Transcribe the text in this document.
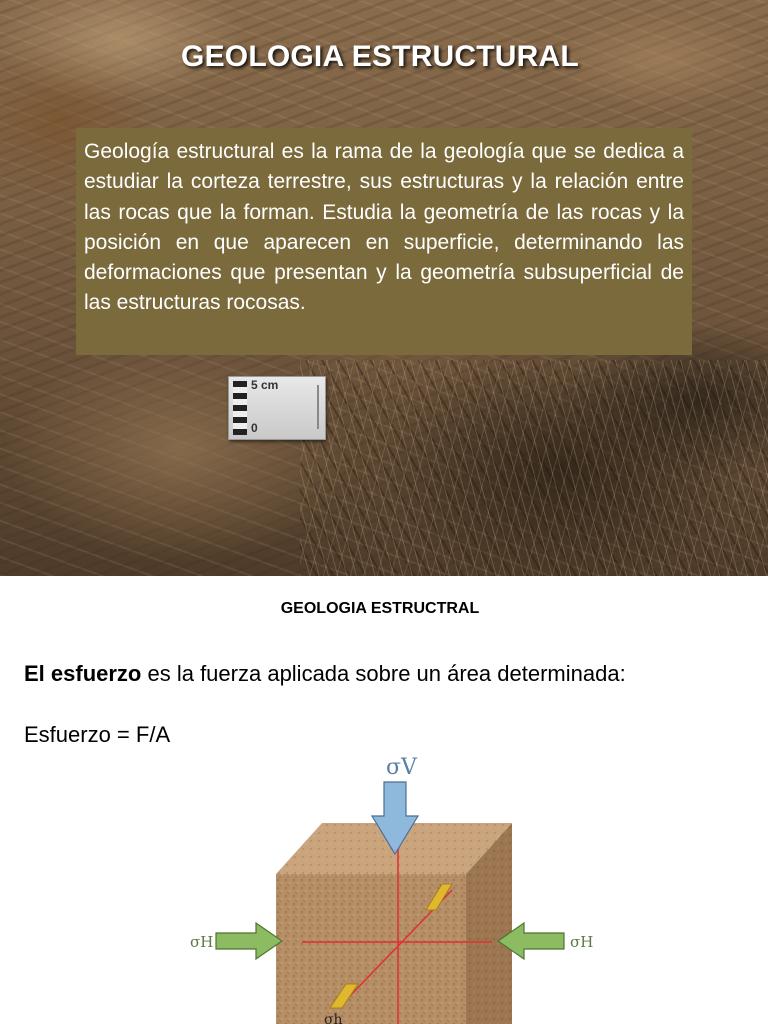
GEOLOGIA ESTRUCTURAL

Geología estructural es la rama de la geología que se dedica a estudiar la corteza terrestre, sus estructuras y la relación entre las rocas que la forman. Estudia la geometría de las rocas y la posición en que aparecen en superficie, determinando las deformaciones que presentan y la geometría subsuperficial de las estructuras rocosas.

5 cm
0
GEOLOGIA ESTRUCTRAL

El esfuerzo es la fuerza aplicada sobre un área determinada:

Esfuerzo = F/A
σV
σH	σH
σh
